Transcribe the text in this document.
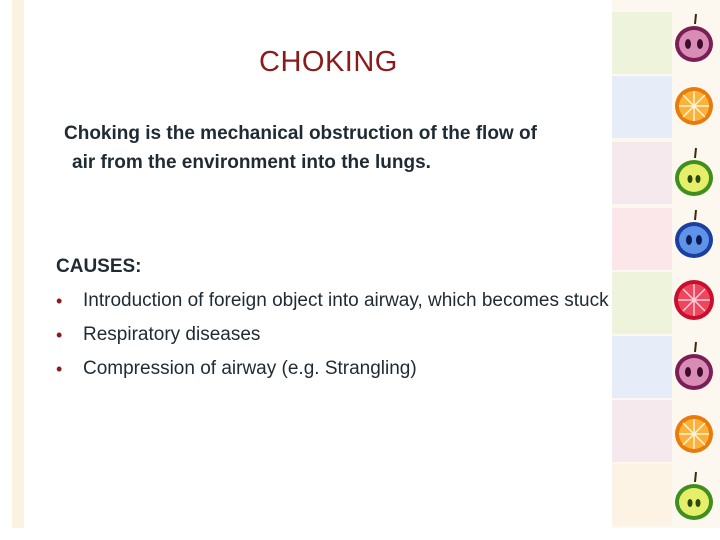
CHOKING
Choking is the mechanical obstruction of the flow of
air from the environment into the lungs.
CAUSES:
• Introduction of foreign object into airway, which becomes stuck
• Respiratory diseases
• Compression of airway (e.g. Strangling)
